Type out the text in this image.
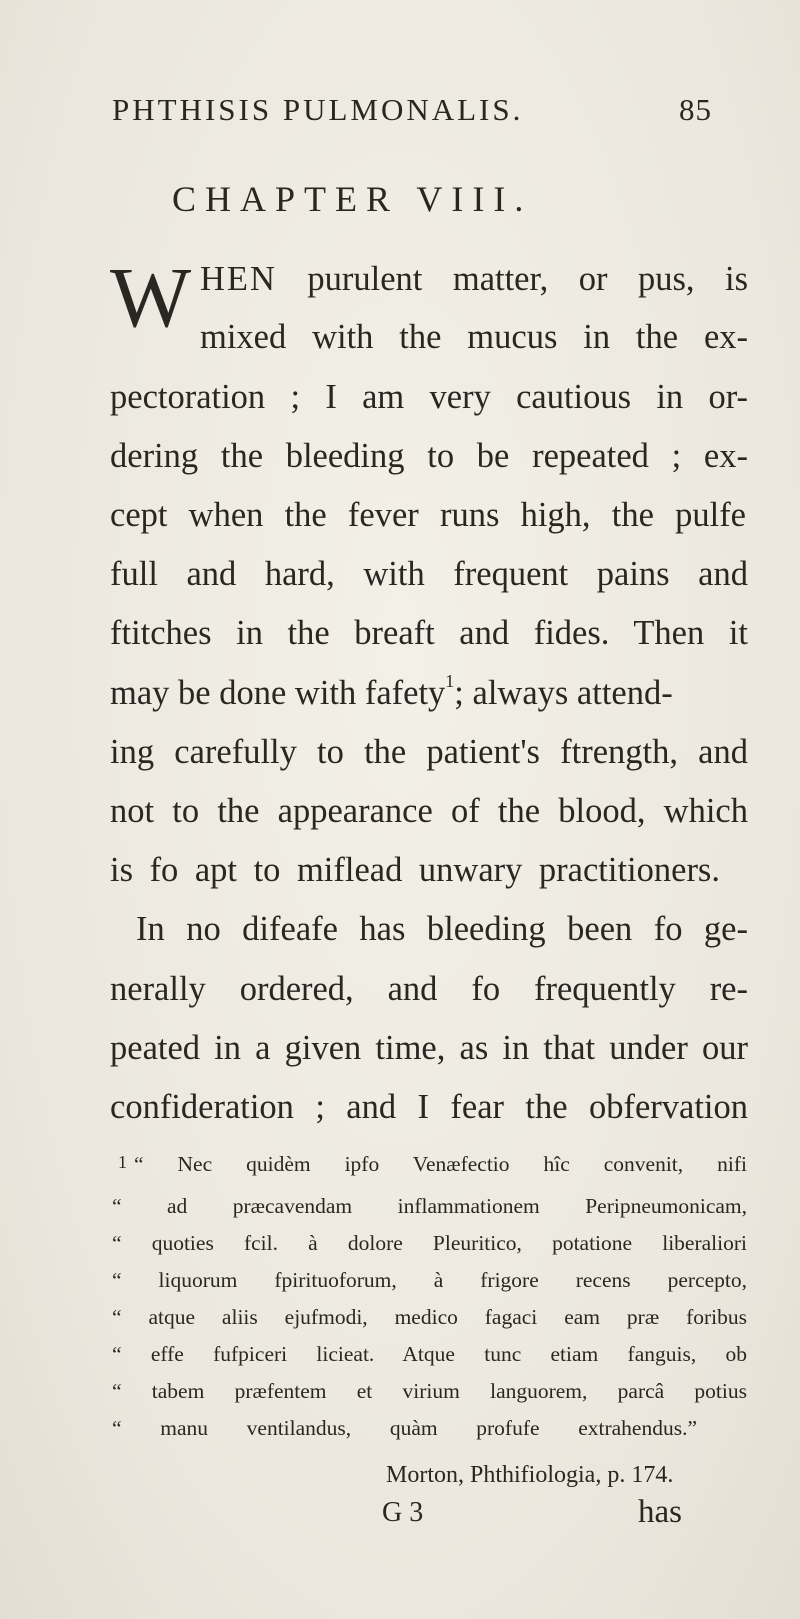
PHTHISIS PULMONALIS.	85
CHAPTER VIII.
W HEN purulent matter, or pus, is
mixed with the mucus in the ex-
pectoration ; I am very cautious in or-
dering the bleeding to be repeated ; ex-
cept when the fever runs high, the pulfe
full and hard, with frequent pains and
ftitches in the breaft and fides. Then it
may be done with fafety$^1$; always attend-
ing carefully to the patient's ftrength, and
not to the appearance of the blood, which
is fo apt to miflead unwary practitioners.
In no difeafe has bleeding been fo ge-
nerally ordered, and fo frequently re-
peated in a given time, as in that under our
confideration ; and I fear the obfervation
1 “ Nec quidèm ipfo Venæfectio hîc convenit, nifi
“ ad præcavendam inflammationem Peripneumonicam,
“ quoties fcil. à dolore Pleuritico, potatione liberaliori
“ liquorum fpirituoforum, à frigore recens percepto,
“ atque aliis ejufmodi, medico fagaci eam præ foribus
“ effe fufpiceri licieat. Atque tunc etiam fanguis, ob
“ tabem præfentem et virium languorem, parcâ potius
“ manu ventilandus, quàm profufe extrahendus.”
Morton, Phthifiologia, p. 174.
G 3	has
